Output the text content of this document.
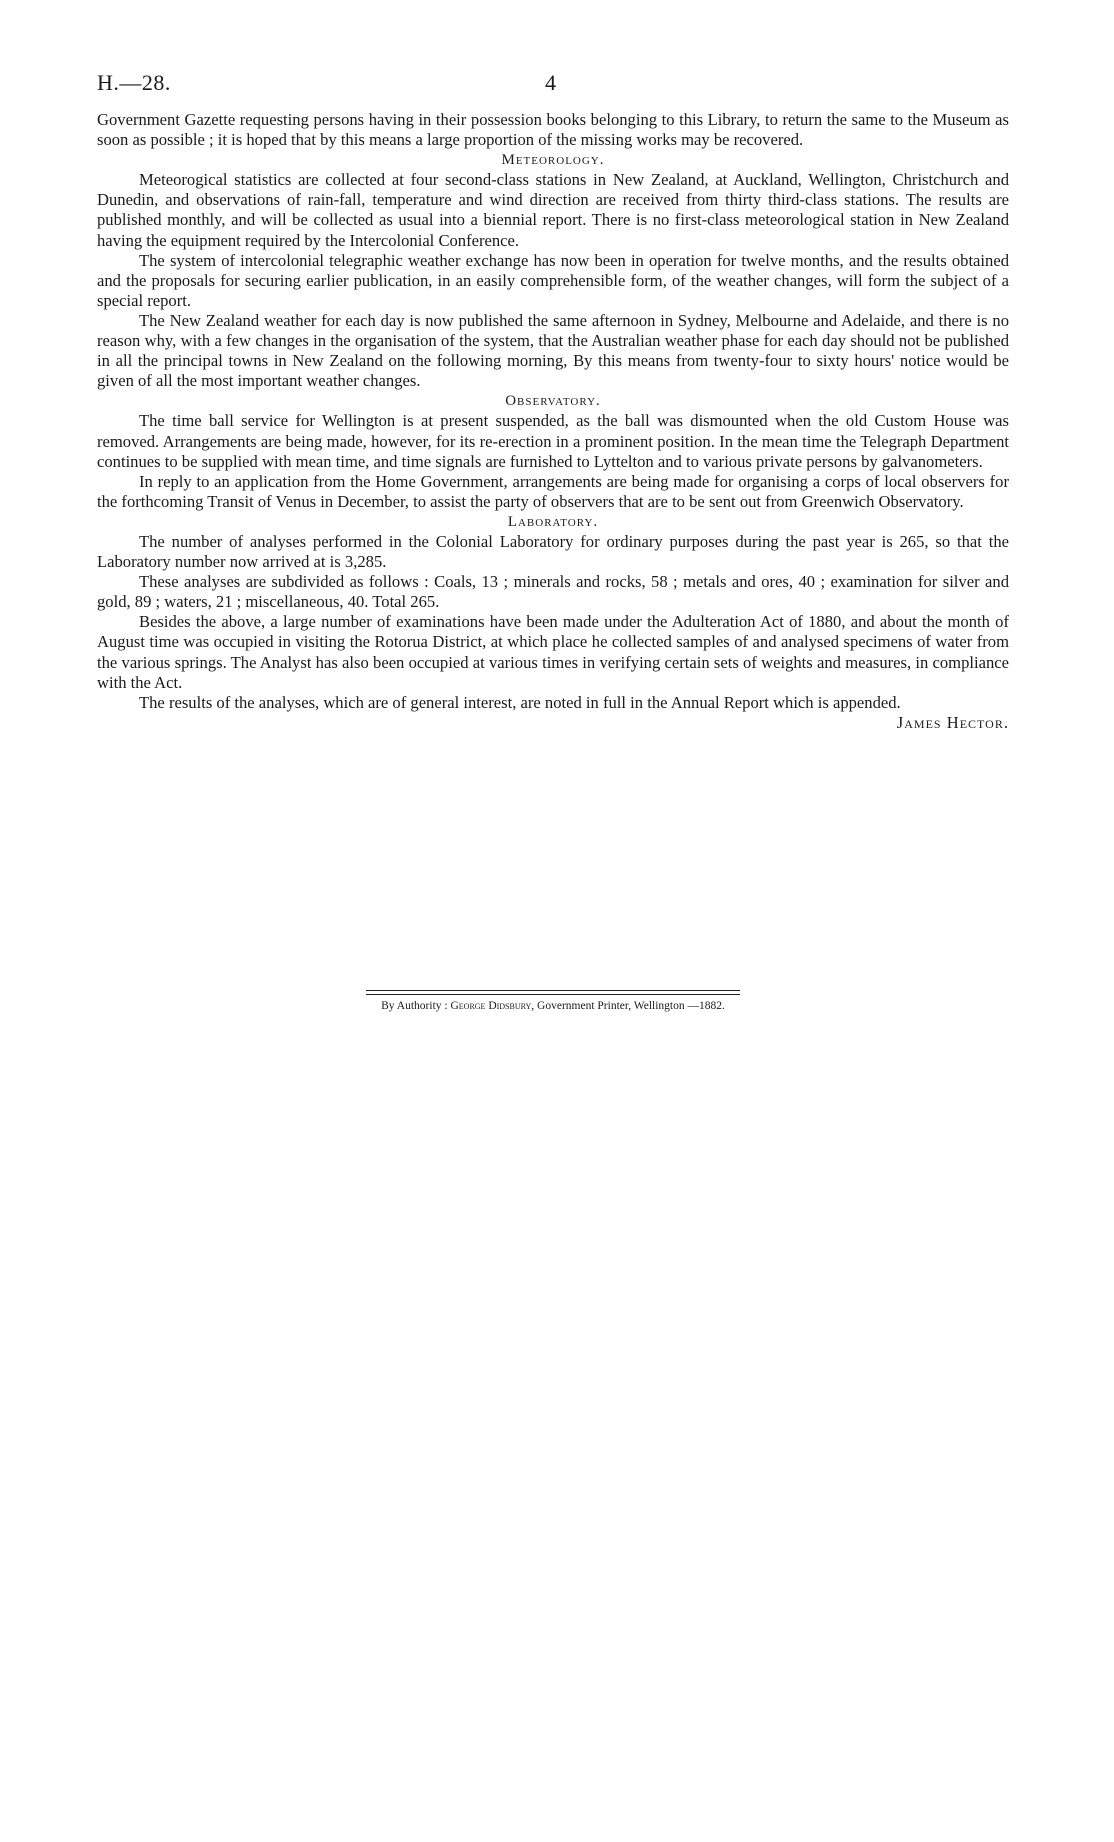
H.—28.	4

Government Gazette requesting persons having in their possession books belonging to this Library, to return the same to the Museum as soon as possible ; it is hoped that by this means a large proportion of the missing works may be recovered.

Meteorology.

Meteorogical statistics are collected at four second-class stations in New Zealand, at Auckland, Wellington, Christchurch and Dunedin, and observations of rain-fall, temperature and wind direction are received from thirty third-class stations. The results are published monthly, and will be collected as usual into a biennial report. There is no first-class meteorological station in New Zealand having the equipment required by the Intercolonial Conference.

The system of intercolonial telegraphic weather exchange has now been in operation for twelve months, and the results obtained and the proposals for securing earlier publication, in an easily comprehensible form, of the weather changes, will form the subject of a special report.

The New Zealand weather for each day is now published the same afternoon in Sydney, Melbourne and Adelaide, and there is no reason why, with a few changes in the organisation of the system, that the Australian weather phase for each day should not be published in all the principal towns in New Zealand on the following morning, By this means from twenty-four to sixty hours' notice would be given of all the most important weather changes.

Observatory.

The time ball service for Wellington is at present suspended, as the ball was dismounted when the old Custom House was removed. Arrangements are being made, however, for its re-erection in a prominent position. In the mean time the Telegraph Department continues to be supplied with mean time, and time signals are furnished to Lyttelton and to various private persons by galvanometers.

In reply to an application from the Home Government, arrangements are being made for organising a corps of local observers for the forthcoming Transit of Venus in December, to assist the party of observers that are to be sent out from Greenwich Observatory.

Laboratory.

The number of analyses performed in the Colonial Laboratory for ordinary purposes during the past year is 265, so that the Laboratory number now arrived at is 3,285.

These analyses are subdivided as follows : Coals, 13 ; minerals and rocks, 58 ; metals and ores, 40 ; examination for silver and gold, 89 ; waters, 21 ; miscellaneous, 40. Total 265.

Besides the above, a large number of examinations have been made under the Adulteration Act of 1880, and about the month of August time was occupied in visiting the Rotorua District, at which place he collected samples of and analysed specimens of water from the various springs. The Analyst has also been occupied at various times in verifying certain sets of weights and measures, in compliance with the Act.

The results of the analyses, which are of general interest, are noted in full in the Annual Report which is appended.

James Hector.

By Authority : George Didsbury, Government Printer, Wellington —1882.
